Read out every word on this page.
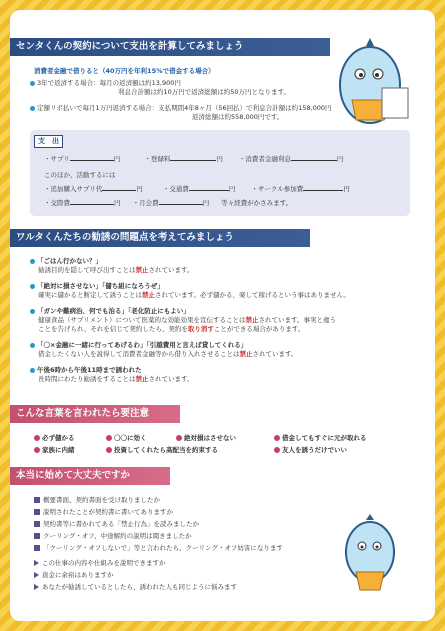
センタくんの契約について支出を計算してみましょう
消費者金融で借りると（40万円を年利15%で借金する場合）
3年で返済する場合：毎月の返済額は約13,900円
利息合計額は約10万円で返済総額は約50万円となります。
定額リボ払いで毎月1万円返済する場合：支払期間4年8ヶ月（56回払）で利息合計額は約158,000円
返済総額は約558,000円です。
支　出
・サプリ	円	・登録料	円 ・消費者金融利息	円
このほか、活動するには
・追加購入サプリ代	円	・交通費	円 ・サークル参加費	円
・交際費	円 ・月会費	円 等々経費がかさみます。
ワルタくんたちの勧誘の問題点を考えてみましょう
「ごはん行かない？」
勧誘目的を隠して呼び出すことは禁止されています。
「絶対に損させない」「儲ち組になろうぜ」
確実に儲かると断定して誘うことは禁止されています。必ず儲かる、楽して稼げるという事はありません。
「ガンや難病治、何でも治る」「老化防止にもよい」
健康食品（サプリメント）について医薬的な効能効果を宣伝することは禁止されています。事実と違う
ことを告げられ、それを信じて契約したら、契約を取り消すことができる場合があります。
「〇×金融に一緒に行ってあげるわ」「引越費用と言えば貸してくれる」
借金したくない人を説得して消費者金融等から借り入れさせることは禁止されています。
午後6時から午後11時まで誘われた
長時間にわたり勧誘をすることは禁止されています。
こんな言葉を言われたら要注意
必ず儲かる	〇〇に効く	絶対損はさせない	借金してもすぐに元が取れる
家族に内緒	投資してくれたら高配当を約束する	友人を誘うだけでいい
本当に始めて大丈夫ですか
概要書面、契約書面を受け取りましたか
説明されたことが契約書に書いてありますか
契約書等に書かれてある「禁止行為」を読みましたか
クーリング・オフ、中途解約の説明は聞きましたか
「クーリング・オフしないで」等と言われたら、クーリング・オフ妨害になります
この仕事の内容や仕組みを説明できますか
資金に余裕はありますか
あなたが勧誘しているとしたら、誘われた人も同じように悩みます
